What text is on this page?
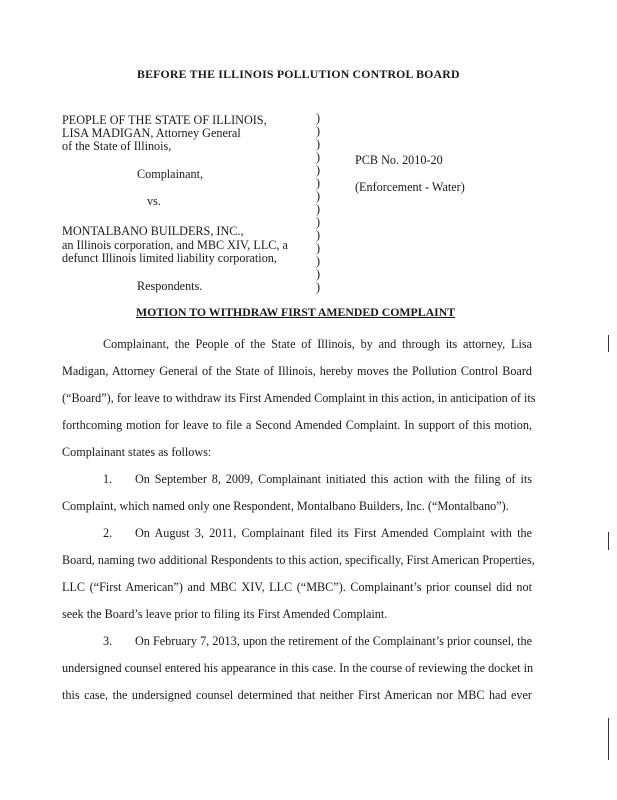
BEFORE THE ILLINOIS POLLUTION CONTROL BOARD
PEOPLE OF THE STATE OF ILLINOIS,
LISA MADIGAN, Attorney General
of the State of Illinois,
Complainant,
vs.
MONTALBANO BUILDERS, INC.,
an Illinois corporation, and MBC XIV, LLC, a
defunct Illinois limited liability corporation,
Respondents.
)
)
)
)
)
)
)
)
)
)
)
)
)
)
PCB No. 2010-20
(Enforcement - Water)
MOTION TO WITHDRAW FIRST AMENDED COMPLAINT
Complainant, the People of the State of Illinois, by and through its attorney, Lisa
Madigan, Attorney General of the State of Illinois, hereby moves the Pollution Control Board
(“Board”), for leave to withdraw its First Amended Complaint in this action, in anticipation of its
forthcoming motion for leave to file a Second Amended Complaint. In support of this motion,
Complainant states as follows:
1. On September 8, 2009, Complainant initiated this action with the filing of its
Complaint, which named only one Respondent, Montalbano Builders, Inc. (“Montalbano”).
2. On August 3, 2011, Complainant filed its First Amended Complaint with the
Board, naming two additional Respondents to this action, specifically, First American Properties,
LLC (“First American”) and MBC XIV, LLC (“MBC”). Complainant’s prior counsel did not
seek the Board’s leave prior to filing its First Amended Complaint.
3. On February 7, 2013, upon the retirement of the Complainant’s prior counsel, the
undersigned counsel entered his appearance in this case. In the course of reviewing the docket in
this case, the undersigned counsel determined that neither First American nor MBC had ever
